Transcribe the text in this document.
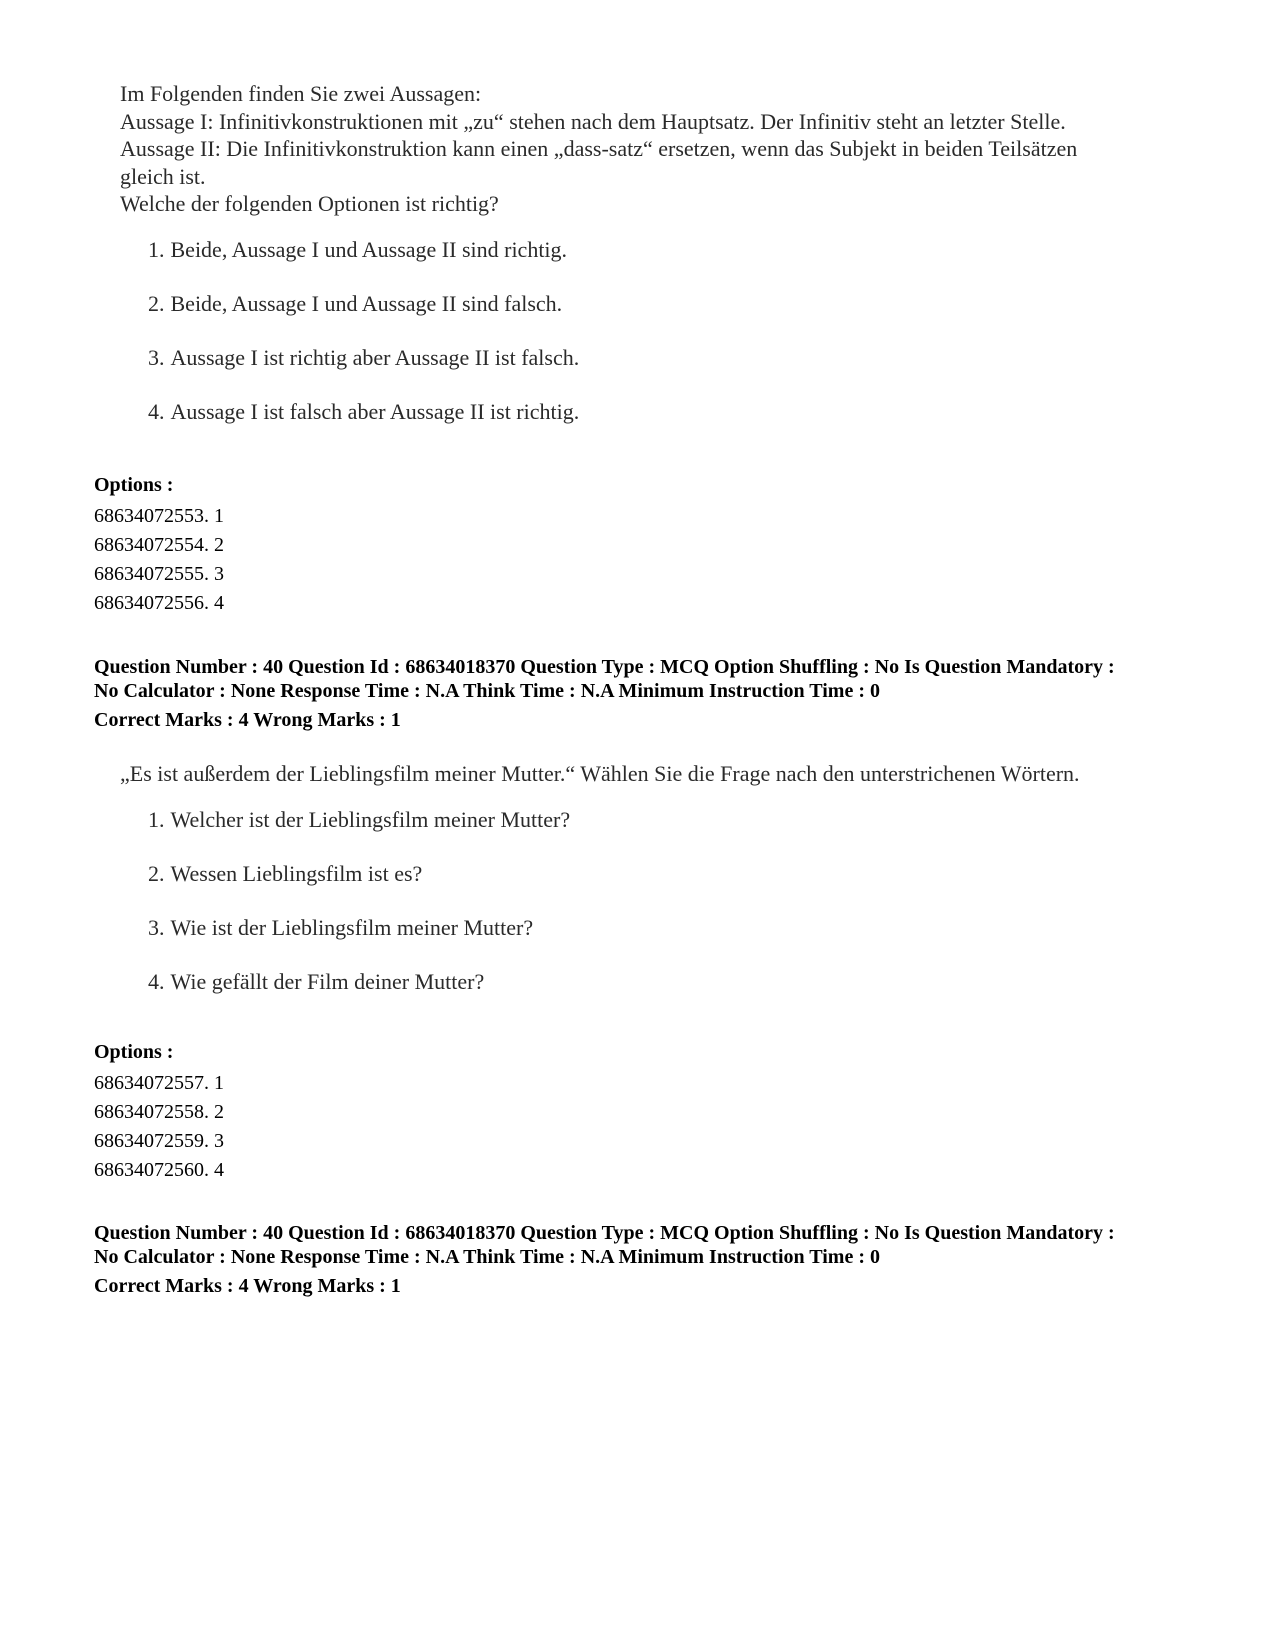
Im Folgenden finden Sie zwei Aussagen:
Aussage I: Infinitivkonstruktionen mit „zu“ stehen nach dem Hauptsatz. Der Infinitiv steht an letzter Stelle.
Aussage II: Die Infinitivkonstruktion kann einen „dass-satz“ ersetzen, wenn das Subjekt in beiden Teilsätzen
gleich ist.
Welche der folgenden Optionen ist richtig?
1. Beide, Aussage I und Aussage II sind richtig.
2. Beide, Aussage I und Aussage II sind falsch.
3. Aussage I ist richtig aber Aussage II ist falsch.
4. Aussage I ist falsch aber Aussage II ist richtig.
Options :
68634072553. 1
68634072554. 2
68634072555. 3
68634072556. 4
Question Number : 40 Question Id : 68634018370 Question Type : MCQ Option Shuffling : No Is Question Mandatory :
No Calculator : None Response Time : N.A Think Time : N.A Minimum Instruction Time : 0
Correct Marks : 4 Wrong Marks : 1
„Es ist außerdem der Lieblingsfilm meiner Mutter.“ Wählen Sie die Frage nach den unterstrichenen Wörtern.
1. Welcher ist der Lieblingsfilm meiner Mutter?
2. Wessen Lieblingsfilm ist es?
3. Wie ist der Lieblingsfilm meiner Mutter?
4. Wie gefällt der Film deiner Mutter?
Options :
68634072557. 1
68634072558. 2
68634072559. 3
68634072560. 4
Question Number : 40 Question Id : 68634018370 Question Type : MCQ Option Shuffling : No Is Question Mandatory :
No Calculator : None Response Time : N.A Think Time : N.A Minimum Instruction Time : 0
Correct Marks : 4 Wrong Marks : 1
